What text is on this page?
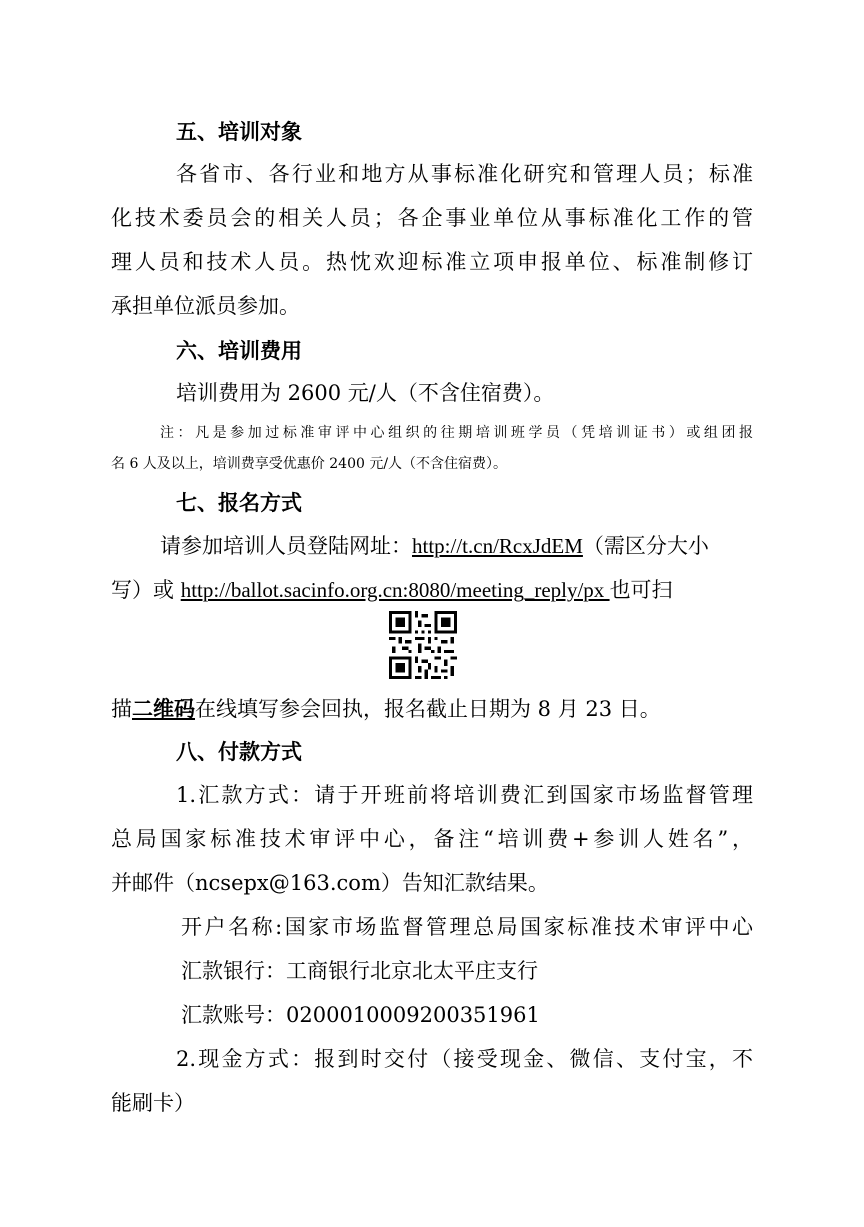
五、培训对象
各省市、各行业和地方从事标准化研究和管理人员；标准
化技术委员会的相关人员；各企事业单位从事标准化工作的管
理人员和技术人员。热忱欢迎标准立项申报单位、标准制修订
承担单位派员参加。
六、培训费用
培训费用为 2600 元/人（不含住宿费）。
注：凡是参加过标准审评中心组织的往期培训班学员（凭培训证书）或组团报
名 6 人及以上，培训费享受优惠价 2400 元/人（不含住宿费）。
七、报名方式
请参加培训人员登陆网址：http://t.cn/RcxJdEM（需区分大小
写）或 http://ballot.sacinfo.org.cn:8080/meeting_reply/px 也可扫
描二维码在线填写参会回执，报名截止日期为 8 月 23 日。
八、付款方式
1.汇款方式：请于开班前将培训费汇到国家市场监督管理
总局国家标准技术审评中心，备注“培训费+参训人姓名”，
并邮件（ncsepx@163.com）告知汇款结果。
开户名称:国家市场监督管理总局国家标准技术审评中心
汇款银行：工商银行北京北太平庄支行
汇款账号：0200010009200351961
2.现金方式：报到时交付（接受现金、微信、支付宝，不
能刷卡）
